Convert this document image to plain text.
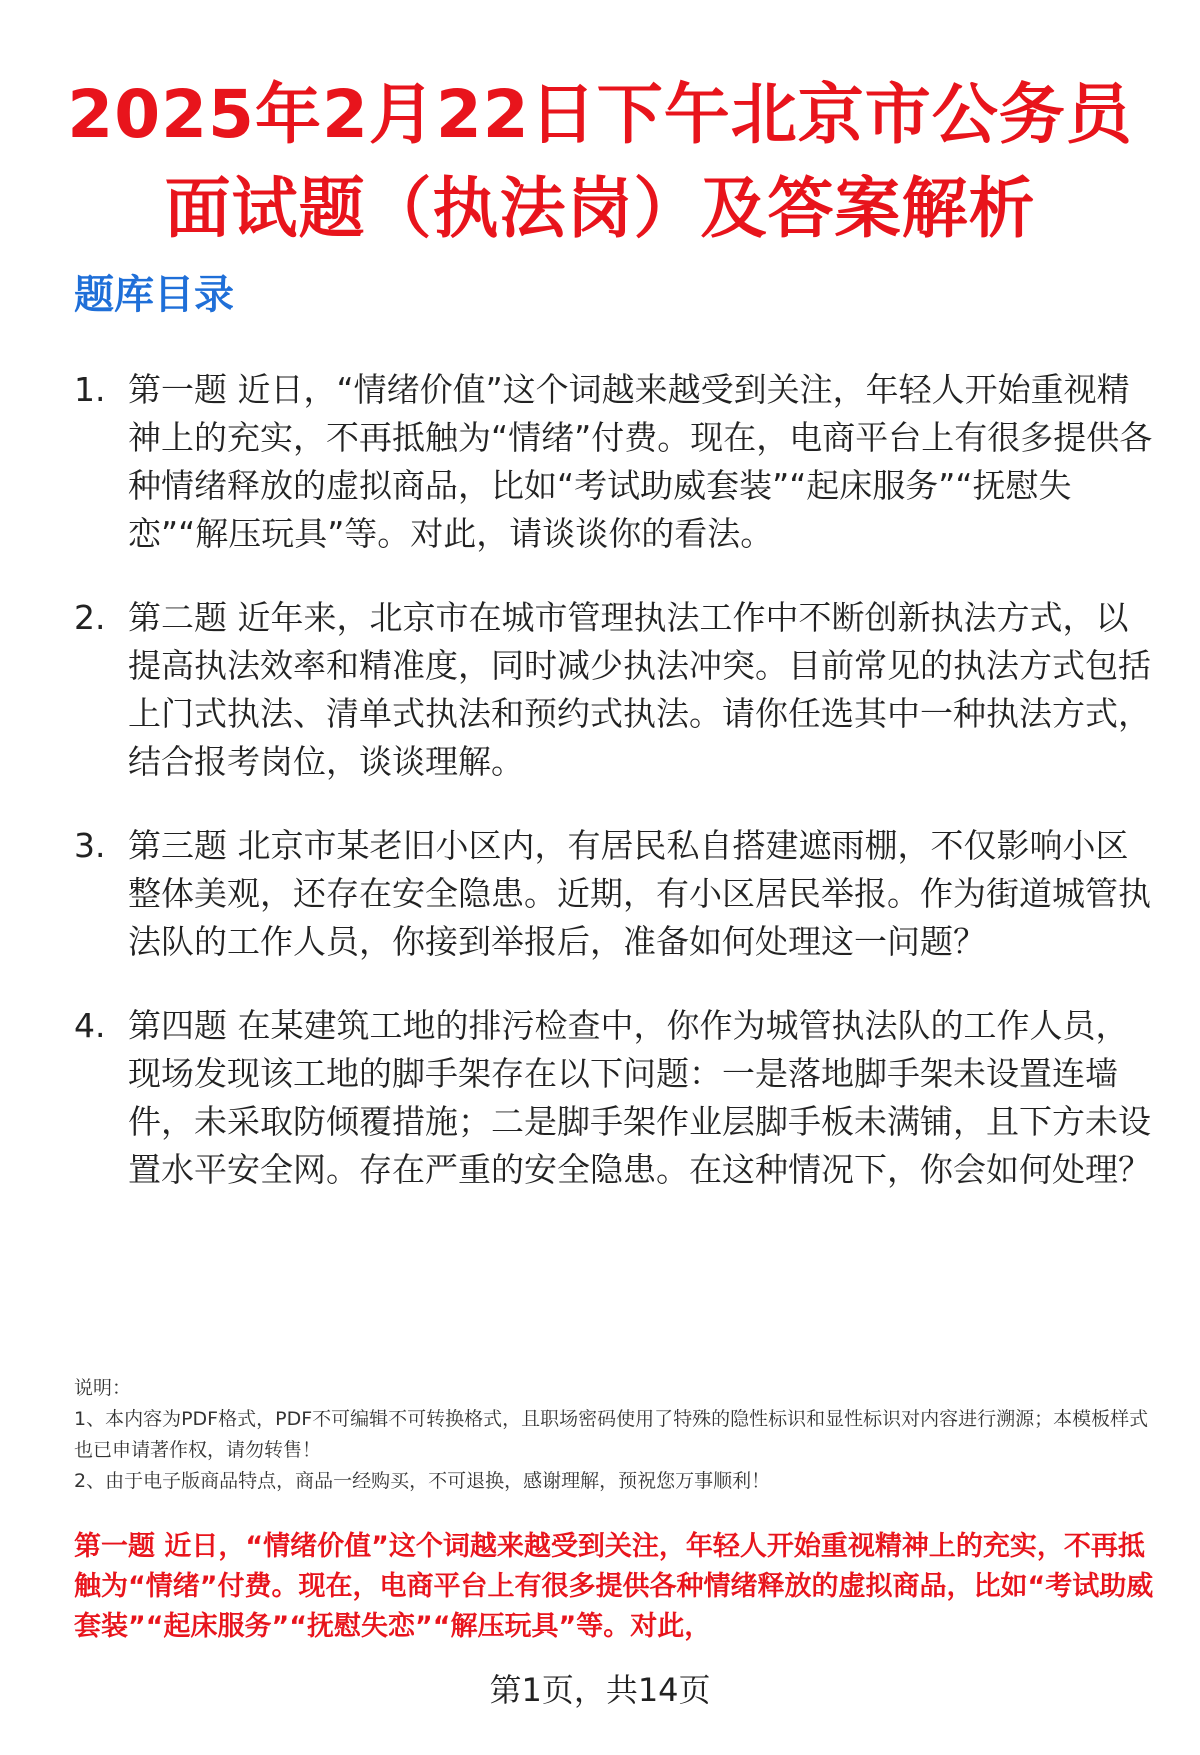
2025年2月22日下午北京市公务员
面试题（执法岗）及答案解析
题库目录
1. 第一题 近日，“情绪价值”这个词越来越受到关注，年轻人开始重视精神上的充实，不再抵触为“情绪”付费。现在，电商平台上有很多提供各种情绪释放的虚拟商品，比如“考试助威套装”“起床服务”“抚慰失恋”“解压玩具”等。对此，请谈谈你的看法。
2. 第二题 近年来，北京市在城市管理执法工作中不断创新执法方式，以提高执法效率和精准度，同时减少执法冲突。目前常见的执法方式包括上门式执法、清单式执法和预约式执法。请你任选其中一种执法方式，结合报考岗位，谈谈理解。
3. 第三题 北京市某老旧小区内，有居民私自搭建遮雨棚，不仅影响小区整体美观，还存在安全隐患。近期，有小区居民举报。作为街道城管执法队的工作人员，你接到举报后，准备如何处理这一问题？
4. 第四题 在某建筑工地的排污检查中，你作为城管执法队的工作人员，现场发现该工地的脚手架存在以下问题：一是落地脚手架未设置连墙件，未采取防倾覆措施；二是脚手架作业层脚手板未满铺，且下方未设置水平安全网。存在严重的安全隐患。在这种情况下，你会如何处理？
说明：
1、本内容为PDF格式，PDF不可编辑不可转换格式，且职场密码使用了特殊的隐性标识和显性标识对内容进行溯源；本模板样式也已申请著作权，请勿转售！
2、由于电子版商品特点，商品一经购买，不可退换，感谢理解，预祝您万事顺利！
第一题 近日，“情绪价值”这个词越来越受到关注，年轻人开始重视精神上的充实，不再抵触为“情绪”付费。现在，电商平台上有很多提供各种情绪释放的虚拟商品，比如“考试助威套装”“起床服务”“抚慰失恋”“解压玩具”等。对此，
第1页，共14页
